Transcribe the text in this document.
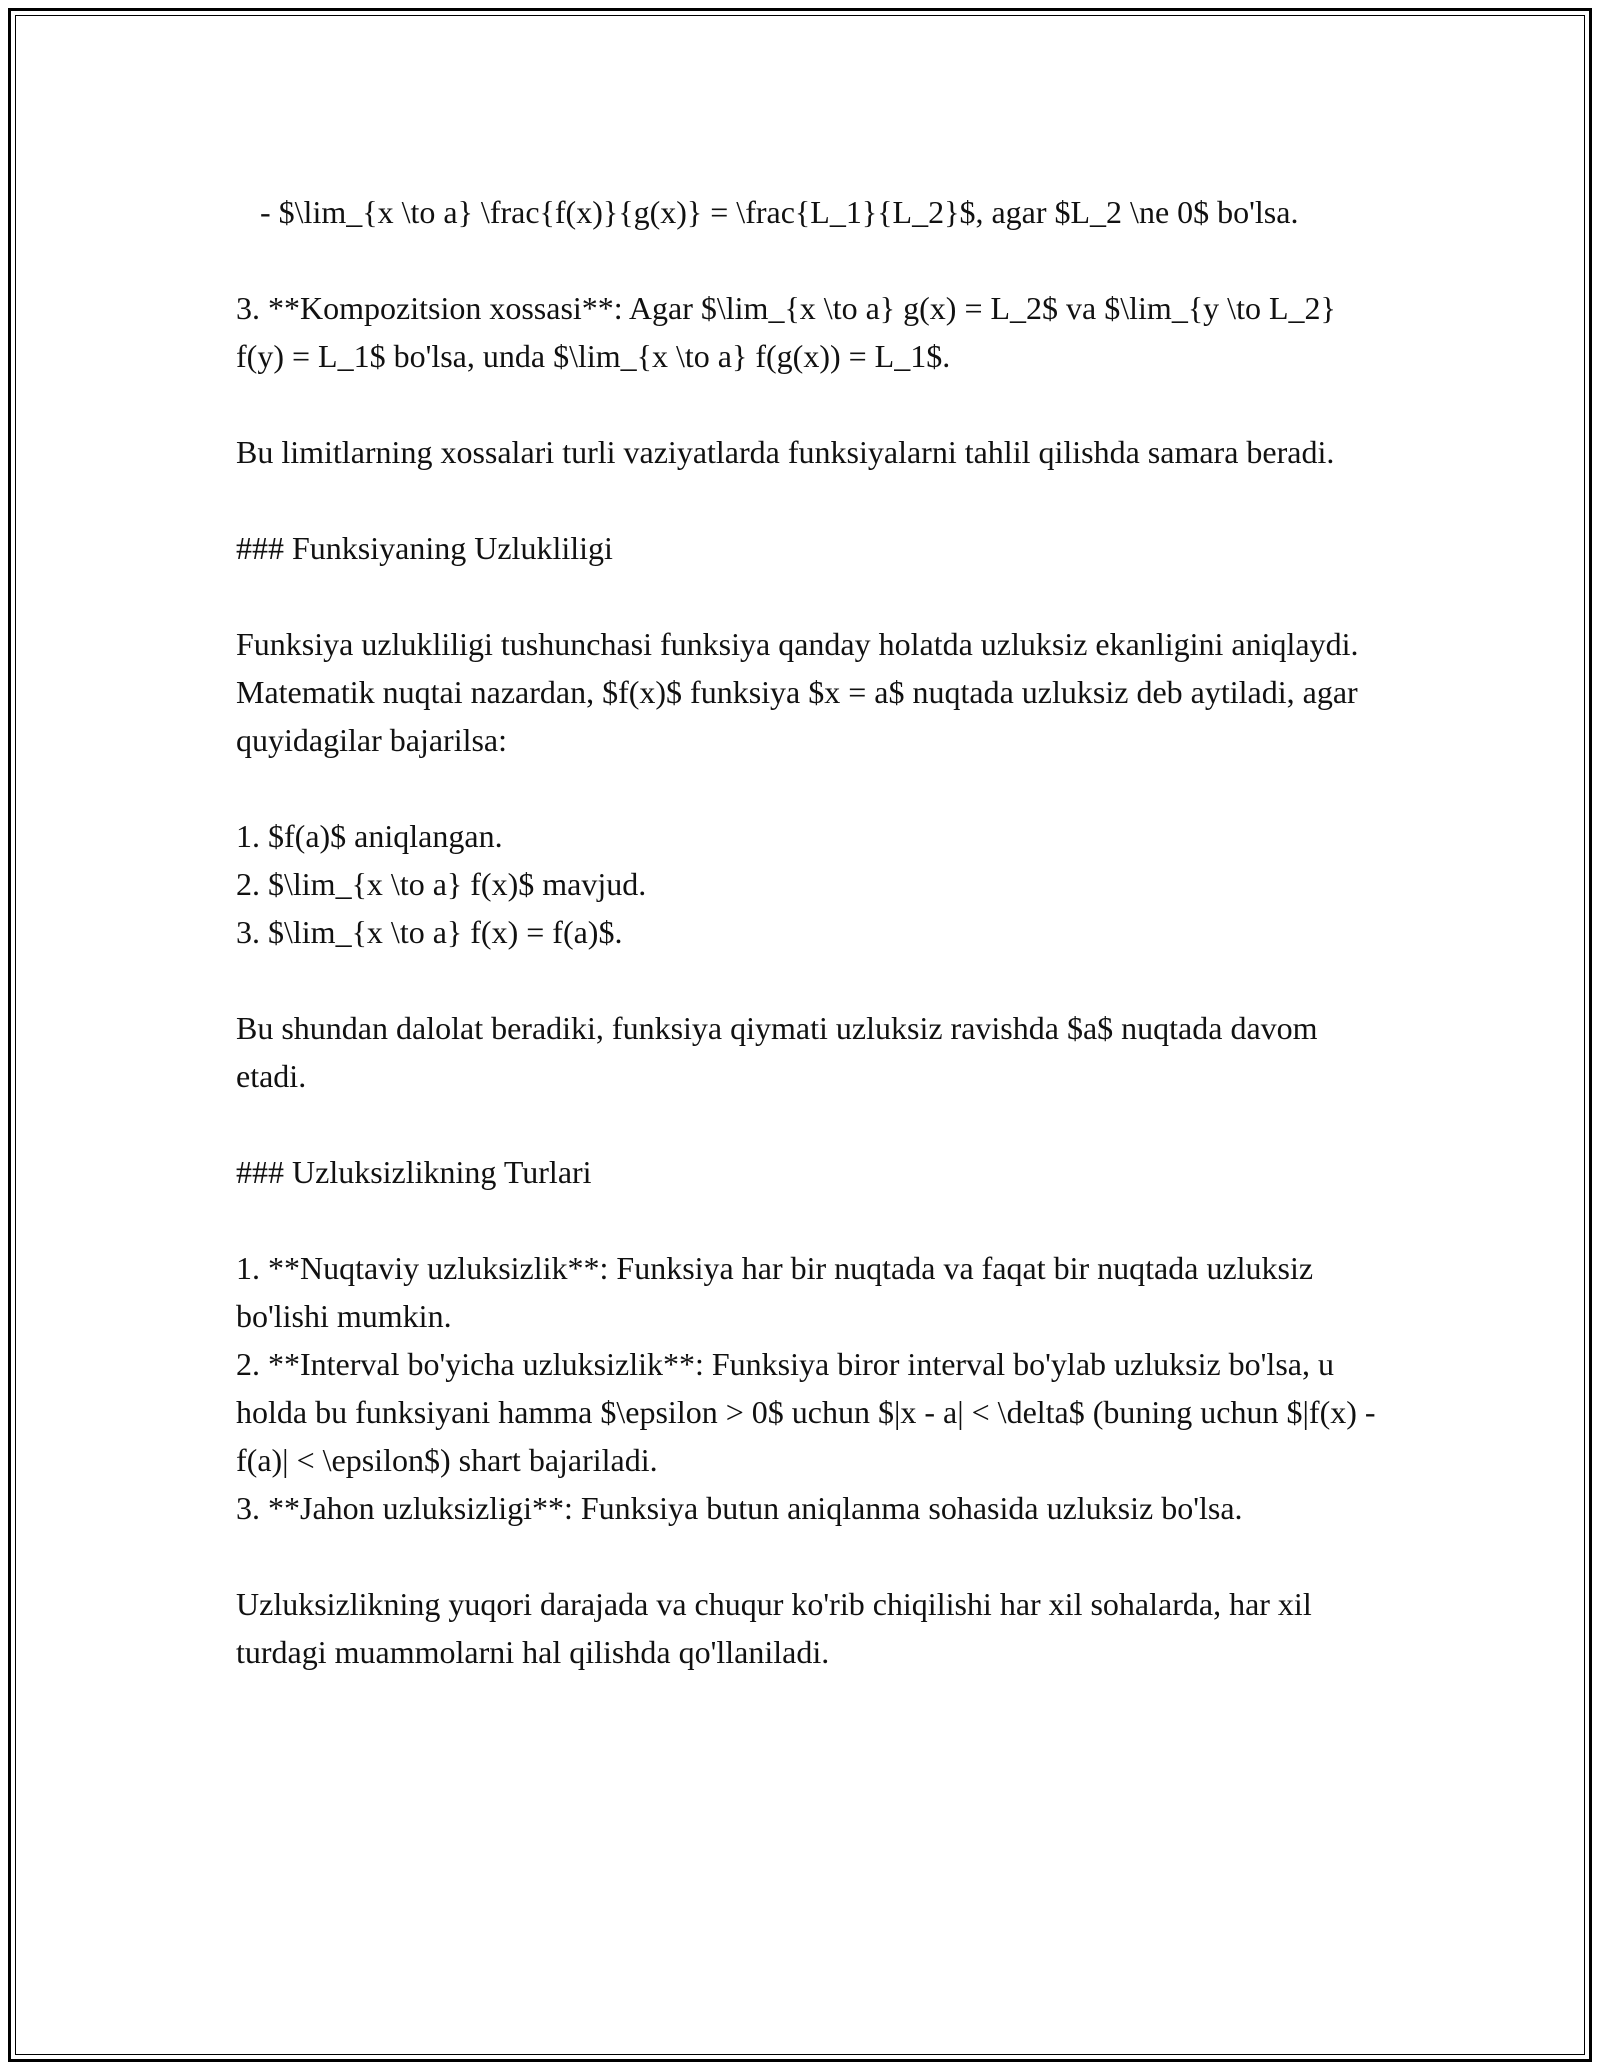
- $\lim_{x \to a} \frac{f(x)}{g(x)} = \frac{L_1}{L_2}$, agar $L_2 \ne 0$ bo'lsa.

3. **Kompozitsion xossasi**: Agar $\lim_{x \to a} g(x) = L_2$ va $\lim_{y \to L_2} f(y) = L_1$ bo'lsa, unda $\lim_{x \to a} f(g(x)) = L_1$.

Bu limitlarning xossalari turli vaziyatlarda funksiyalarni tahlil qilishda samara beradi.

### Funksiyaning Uzlukliligi

Funksiya uzlukliligi tushunchasi funksiya qanday holatda uzluksiz ekanligini aniqlaydi. Matematik nuqtai nazardan, $f(x)$ funksiya $x = a$ nuqtada uzluksiz deb aytiladi, agar quyidagilar bajarilsa:

1. $f(a)$ aniqlangan.
2. $\lim_{x \to a} f(x)$ mavjud.
3. $\lim_{x \to a} f(x) = f(a)$.

Bu shundan dalolat beradiki, funksiya qiymati uzluksiz ravishda $a$ nuqtada davom etadi.

### Uzluksizlikning Turlari

1. **Nuqtaviy uzluksizlik**: Funksiya har bir nuqtada va faqat bir nuqtada uzluksiz bo'lishi mumkin.
2. **Interval bo'yicha uzluksizlik**: Funksiya biror interval bo'ylab uzluksiz bo'lsa, u holda bu funksiyani hamma $\epsilon > 0$ uchun $|x - a| < \delta$ (buning uchun $|f(x) - f(a)| < \epsilon$) shart bajariladi.
3. **Jahon uzluksizligi**: Funksiya butun aniqlanma sohasida uzluksiz bo'lsa.

Uzluksizlikning yuqori darajada va chuqur ko'rib chiqilishi har xil sohalarda, har xil turdagi muammolarni hal qilishda qo'llaniladi.
